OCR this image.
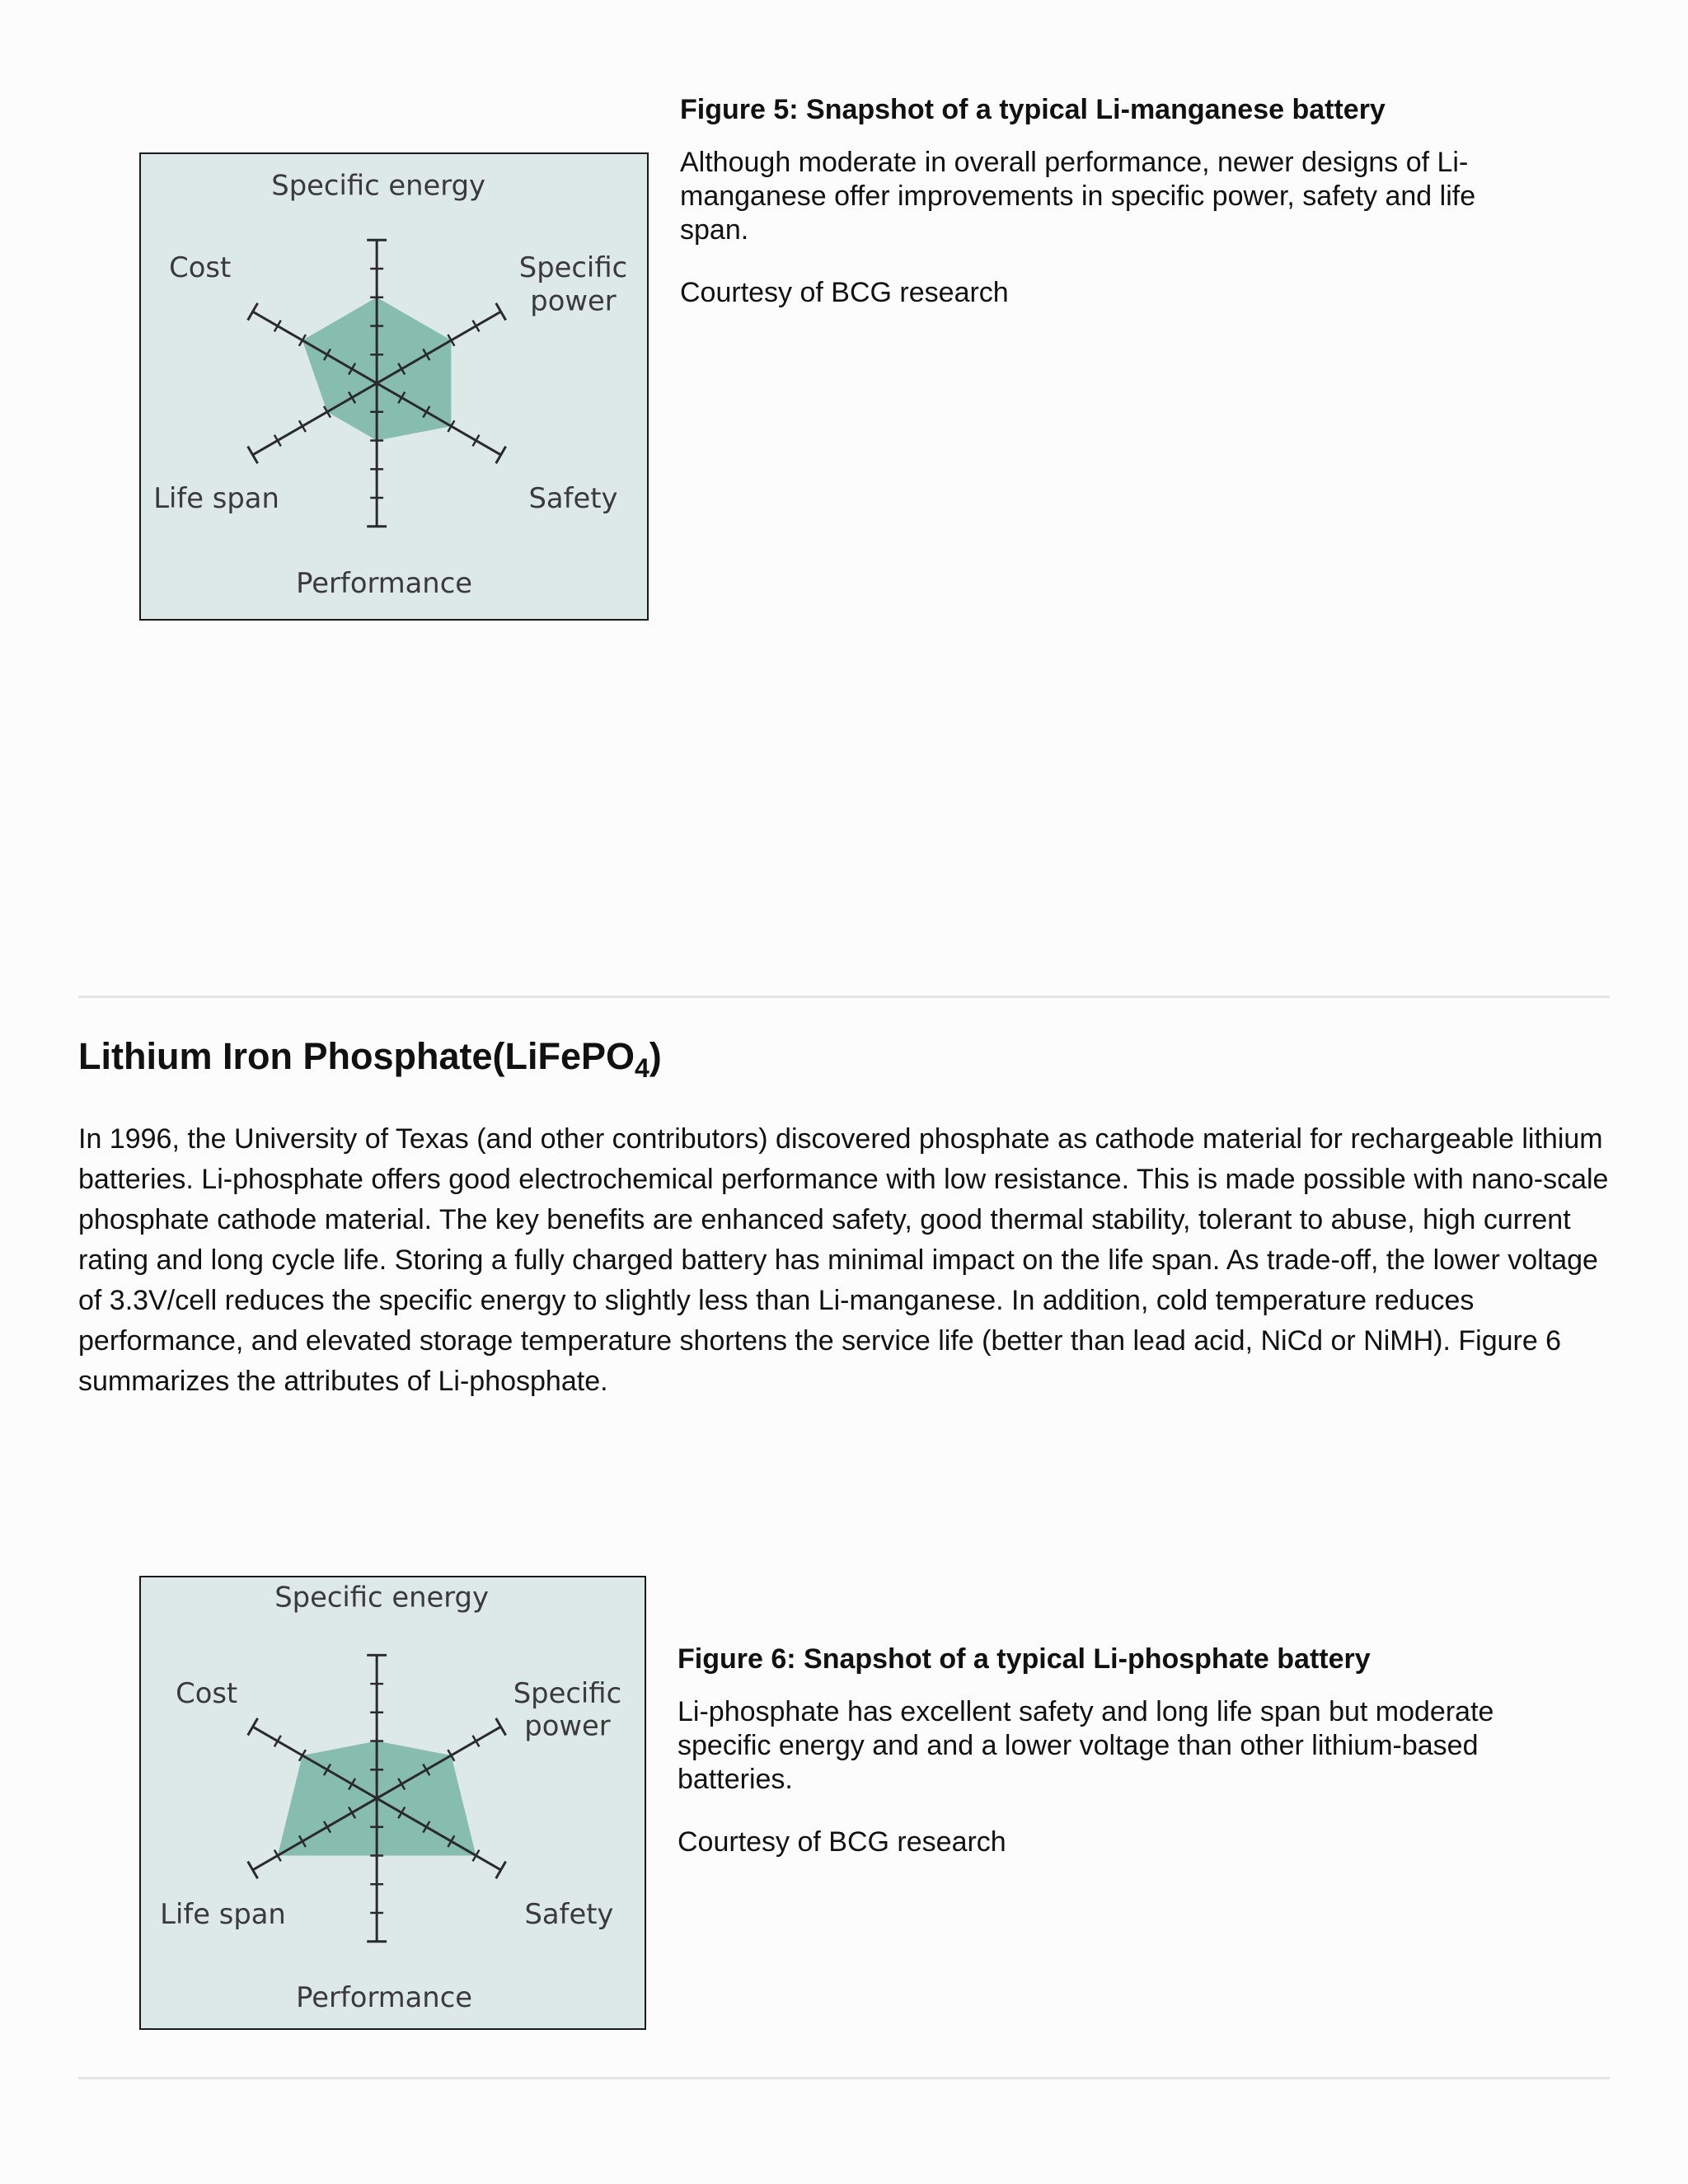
Specific energy
Cost	Specific power
Life span	Safety
Performance

Figure 5: Snapshot of a typical Li-manganese battery

Although moderate in overall performance, newer designs of Li-manganese offer improvements in specific power, safety and life span.

Courtesy of BCG research

Lithium Iron Phosphate(LiFePO$_4$)

In 1996, the University of Texas (and other contributors) discovered phosphate as cathode material for rechargeable lithium batteries. Li-phosphate offers good electrochemical performance with low resistance. This is made possible with nano-scale phosphate cathode material. The key benefits are enhanced safety, good thermal stability, tolerant to abuse, high current rating and long cycle life. Storing a fully charged battery has minimal impact on the life span. As trade-off, the lower voltage of 3.3V/cell reduces the specific energy to slightly less than Li-manganese. In addition, cold temperature reduces performance, and elevated storage temperature shortens the service life (better than lead acid, NiCd or NiMH). Figure 6 summarizes the attributes of Li-phosphate.

Specific energy
Cost	Specific power
Life span	Safety
Performance

Figure 6: Snapshot of a typical Li-phosphate battery

Li-phosphate has excellent safety and long life span but moderate specific energy and and a lower voltage than other lithium-based batteries.

Courtesy of BCG research
